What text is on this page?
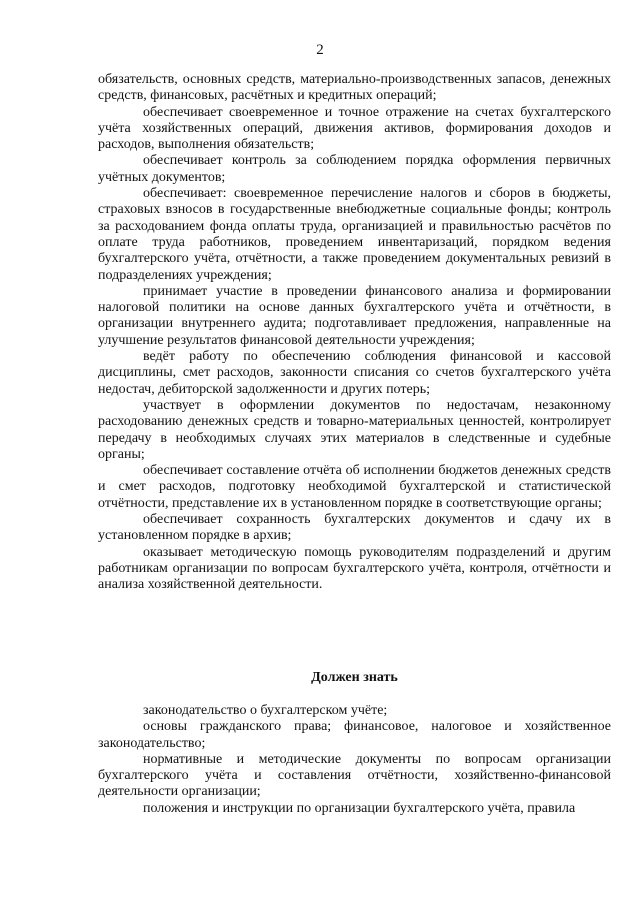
2

обязательств, основных средств, материально-производственных запасов, денежных средств, финансовых, расчётных и кредитных операций;

обеспечивает своевременное и точное отражение на счетах бухгалтерского учёта хозяйственных операций, движения активов, формирования доходов и расходов, выполнения обязательств;

обеспечивает контроль за соблюдением порядка оформления первичных учётных документов;

обеспечивает: своевременное перечисление налогов и сборов в бюджеты, страховых взносов в государственные внебюджетные социальные фонды; контроль за расходованием фонда оплаты труда, организацией и правильностью расчётов по оплате труда работников, проведением инвентаризаций, порядком ведения бухгалтерского учёта, отчётности, а также проведением документальных ревизий в подразделениях учреждения;

принимает участие в проведении финансового анализа и формировании налоговой политики на основе данных бухгалтерского учёта и отчётности, в организации внутреннего аудита; подготавливает предложения, направленные на улучшение результатов финансовой деятельности учреждения;

ведёт работу по обеспечению соблюдения финансовой и кассовой дисциплины, смет расходов, законности списания со счетов бухгалтерского учёта недостач, дебиторской задолженности и других потерь;

участвует в оформлении документов по недостачам, незаконному расходованию денежных средств и товарно-материальных ценностей, контролирует передачу в необходимых случаях этих материалов в следственные и судебные органы;

обеспечивает составление отчёта об исполнении бюджетов денежных средств и смет расходов, подготовку необходимой бухгалтерской и статистической отчётности, представление их в установленном порядке в соответствующие органы;

обеспечивает сохранность бухгалтерских документов и сдачу их в установленном порядке в архив;

оказывает методическую помощь руководителям подразделений и другим работникам организации по вопросам бухгалтерского учёта, контроля, отчётности и анализа хозяйственной деятельности.

Должен знать

законодательство о бухгалтерском учёте;

основы гражданского права; финансовое, налоговое и хозяйственное законодательство;

нормативные и методические документы по вопросам организации бухгалтерского учёта и составления отчётности, хозяйственно-финансовой деятельности организации;

положения и инструкции по организации бухгалтерского учёта, правила
